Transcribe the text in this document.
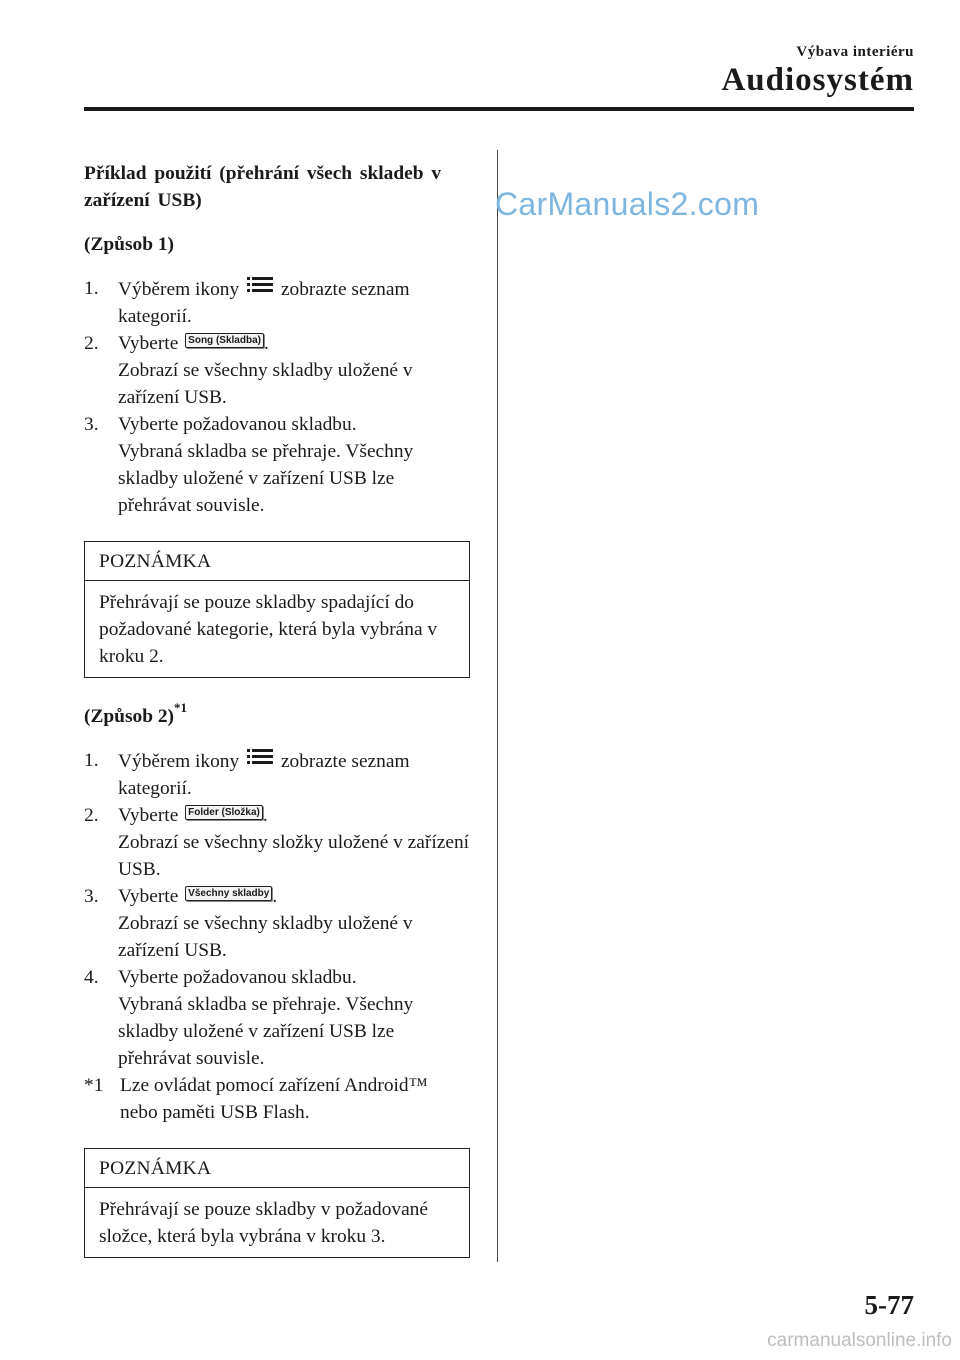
Výbava interiéru
Audiosystém
CarManuals2.com

Příklad použití (přehrání všech skladeb v zařízení USB)

(Způsob 1)

1. Výběrem ikony zobrazte seznam kategorií.
2. Vyberte Song (Skladba) .
Zobrazí se všechny skladby uložené v zařízení USB.
3. Vyberte požadovanou skladbu.
Vybraná skladba se přehraje. Všechny skladby uložené v zařízení USB lze přehrávat souvisle.
POZNÁMKA
Přehrávají se pouze skladby spadající do požadované kategorie, která byla vybrána v kroku 2.

(Způsob 2)$^{*1}$

1. Výběrem ikony zobrazte seznam kategorií.
2. Vyberte Folder (Složka) .
Zobrazí se všechny složky uložené v zařízení USB.
3. Vyberte Všechny skladby .
Zobrazí se všechny skladby uložené v zařízení USB.
4. Vyberte požadovanou skladbu.
Vybraná skladba se přehraje. Všechny skladby uložené v zařízení USB lze přehrávat souvisle.
*1 Lze ovládat pomocí zařízení Android™ nebo paměti USB Flash.
POZNÁMKA
Přehrávají se pouze skladby v požadované složce, která byla vybrána v kroku 3.
5-77
carmanualsonline.info
